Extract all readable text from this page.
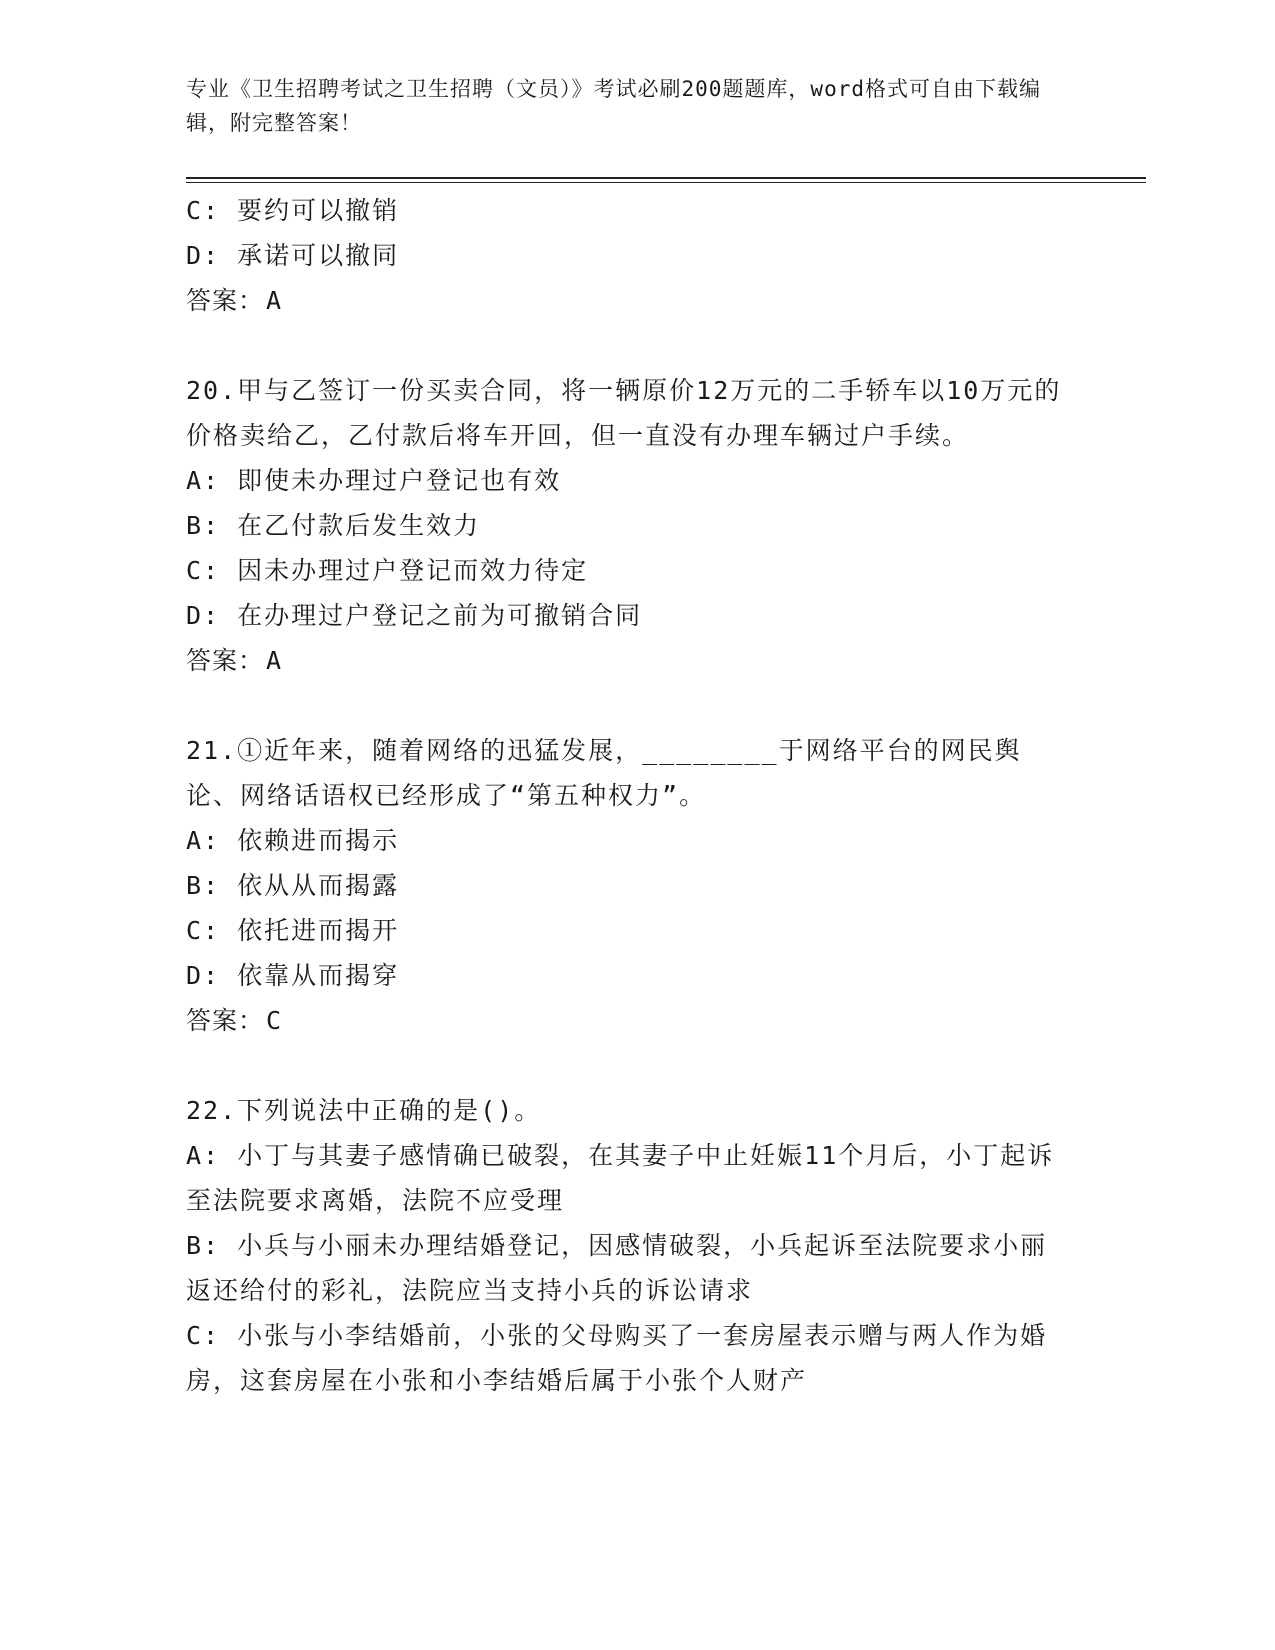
专业《卫生招聘考试之卫生招聘（文员）》考试必刷200题题库，word格式可自由下载编辑，附完整答案！
C: 要约可以撤销
D: 承诺可以撤同
答案：A
20.甲与乙签订一份买卖合同，将一辆原价12万元的二手轿车以10万元的价格卖给乙，乙付款后将车开回，但一直没有办理车辆过户手续。
A: 即使未办理过户登记也有效
B: 在乙付款后发生效力
C: 因未办理过户登记而效力待定
D: 在办理过户登记之前为可撤销合同
答案：A
21.①近年来，随着网络的迅猛发展，________于网络平台的网民舆论、网络话语权已经形成了“第五种权力”。
A: 依赖进而揭示
B: 依从从而揭露
C: 依托进而揭开
D: 依靠从而揭穿
答案：C
22.下列说法中正确的是()。
A: 小丁与其妻子感情确已破裂，在其妻子中止妊娠11个月后，小丁起诉至法院要求离婚，法院不应受理
B: 小兵与小丽未办理结婚登记，因感情破裂，小兵起诉至法院要求小丽返还给付的彩礼，法院应当支持小兵的诉讼请求
C: 小张与小李结婚前，小张的父母购买了一套房屋表示赠与两人作为婚房，这套房屋在小张和小李结婚后属于小张个人财产
